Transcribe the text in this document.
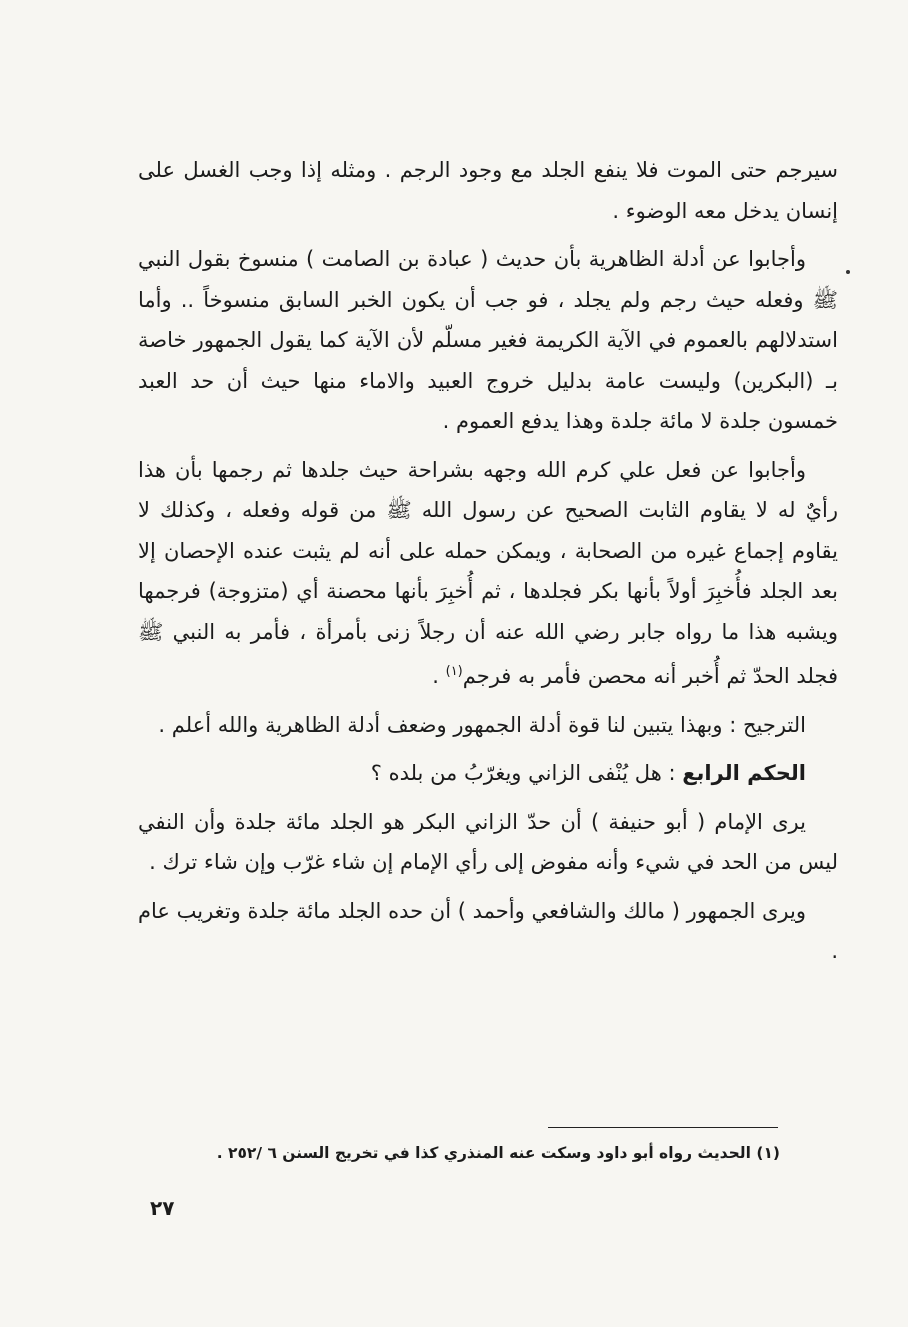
سيرجم حتى الموت فلا ينفع الجلد مع وجود الرجم . ومثله إذا وجب الغسل على إنسان يدخل معه الوضوء .

وأجابوا عن أدلة الظاهرية بأن حديث ( عبادة بن الصامت ) منسوخ بقول النبي ﷺ وفعله حيث رجم ولم يجلد ، فو جب أن يكون الخبر السابق منسوخاً .. وأما استدلالهم بالعموم في الآية الكريمة فغير مسلّم لأن الآية كما يقول الجمهور خاصة بـ (البكرين) وليست عامة بدليل خروج العبيد والاماء منها حيث أن حد العبد خمسون جلدة لا مائة جلدة وهذا يدفع العموم .

وأجابوا عن فعل علي كرم الله وجهه بشراحة حيث جلدها ثم رجمها بأن هذا رأيٌ له لا يقاوم الثابت الصحيح عن رسول الله ﷺ من قوله وفعله ، وكذلك لا يقاوم إجماع غيره من الصحابة ، ويمكن حمله على أنه لم يثبت عنده الإحصان إلا بعد الجلد فأُخبِرَ أولاً بأنها بكر فجلدها ، ثم أُخبِرَ بأنها محصنة أي (متزوجة) فرجمها ويشبه هذا ما رواه جابر رضي الله عنه أن رجلاً زنى بأمرأة ، فأمر به النبي ﷺ فجلد الحدّ ثم أُخبر أنه محصن فأمر به فرجم$^{(١)}$ .

الترجيح : وبهذا يتبين لنا قوة أدلة الجمهور وضعف أدلة الظاهرية والله أعلم .

الحكم الرابع : هل يُنْفى الزاني ويغرّبُ من بلده ؟

يرى الإمام ( أبو حنيفة ) أن حدّ الزاني البكر هو الجلد مائة جلدة وأن النفي ليس من الحد في شيء وأنه مفوض إلى رأي الإمام إن شاء غرّب وإن شاء ترك .

ويرى الجمهور ( مالك والشافعي وأحمد ) أن حده الجلد مائة جلدة وتغريب عام .

(١) الحديث رواه أبو داود وسكت عنه المنذري كذا في تخريج السنن ٦ /٢٥٢ .
٢٧
